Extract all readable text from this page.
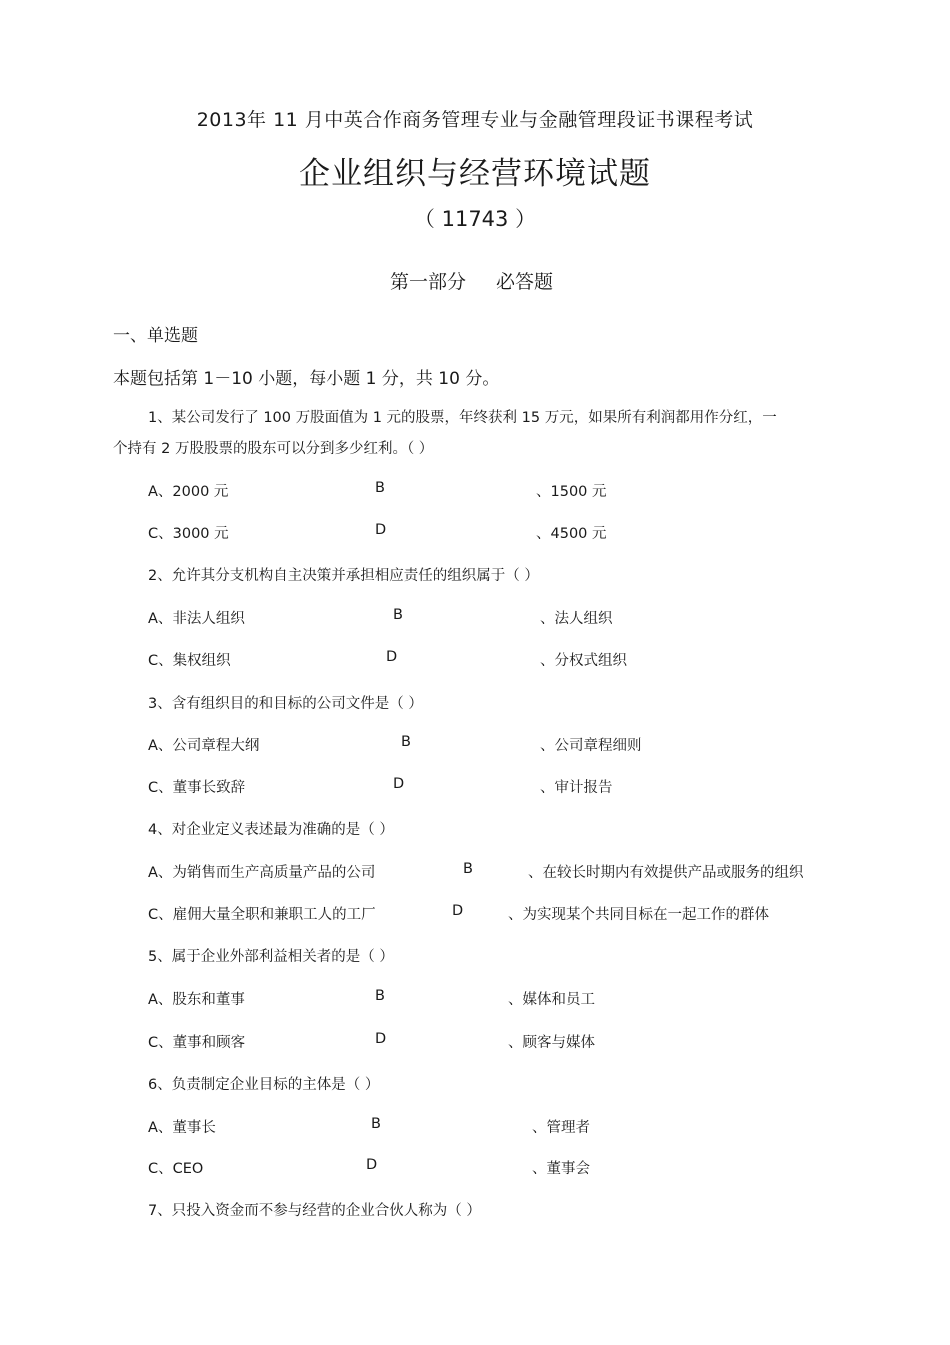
2013年 11 月中英合作商务管理专业与金融管理段证书课程考试
企业组织与经营环境试题
（ 11743 ）
第一部分 必答题
一、单选题
本题包括第 1－10 小题，每小题 1 分，共 10 分。
1、某公司发行了 100 万股面值为 1 元的股票，年终获利 15 万元，如果所有利润都用作分红，一
个持有 2 万股股票的股东可以分到多少红利。（ ）
A、2000 元	B	、1500 元
C、3000 元	D	、4500 元
2、允许其分支机构自主决策并承担相应责任的组织属于（ ）
A、非法人组织	B	、法人组织
C、集权组织	D	、分权式组织
3、含有组织目的和目标的公司文件是（ ）
A、公司章程大纲	B	、公司章程细则
C、董事长致辞	D	、审计报告
4、对企业定义表述最为准确的是（ ）
A、为销售而生产高质量产品的公司	B	、在较长时期内有效提供产品或服务的组织
C、雇佣大量全职和兼职工人的工厂	D	、为实现某个共同目标在一起工作的群体
5、属于企业外部利益相关者的是（ ）
A、股东和董事	B	、媒体和员工
C、董事和顾客	D	、顾客与媒体
6、负责制定企业目标的主体是（ ）
A、董事长	B	、管理者
C、CEO	D	、董事会
7、只投入资金而不参与经营的企业合伙人称为（ ）
